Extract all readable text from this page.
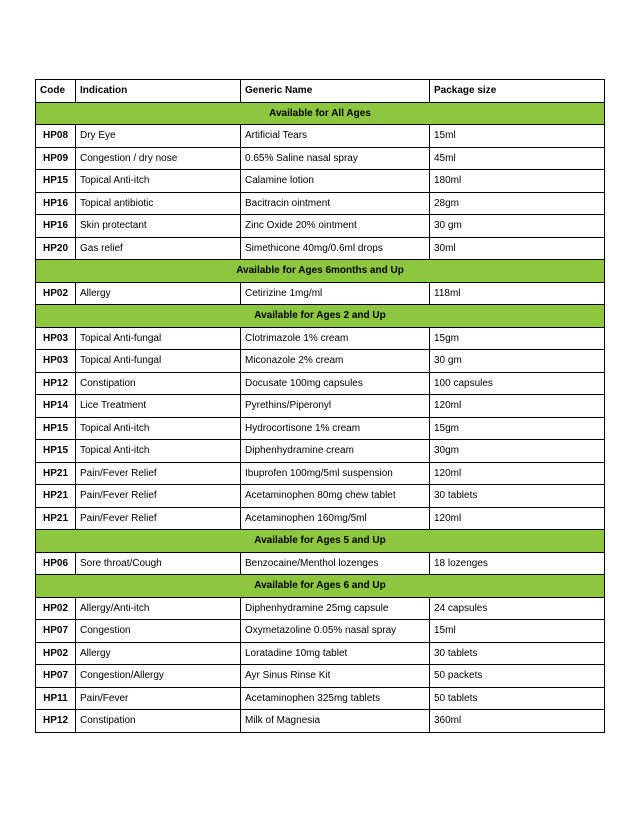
Code	Indication	Generic Name	Package size
Available for All Ages			
HP08	Dry Eye	Artificial Tears	15ml
HP09	Congestion / dry nose	0.65% Saline nasal spray	45ml
HP15	Topical Anti-itch	Calamine lotion	180ml
HP16	Topical antibiotic	Bacitracin ointment	28gm
HP16	Skin protectant	Zinc Oxide 20% ointment	30 gm
HP20	Gas relief	Simethicone 40mg/0.6ml drops	30ml
Available for Ages 6months and Up			
HP02	Allergy	Cetirizine 1mg/ml	118ml
Available for Ages 2 and Up			
HP03	Topical Anti-fungal	Clotrimazole 1% cream	15gm
HP03	Topical Anti-fungal	Miconazole 2% cream	30 gm
HP12	Constipation	Docusate 100mg capsules	100 capsules
HP14	Lice Treatment	Pyrethins/Piperonyl	120ml
HP15	Topical Anti-itch	Hydrocortisone 1% cream	15gm
HP15	Topical Anti-itch	Diphenhydramine cream	30gm
HP21	Pain/Fever Relief	Ibuprofen 100mg/5ml suspension	120ml
HP21	Pain/Fever Relief	Acetaminophen 80mg chew tablet	30 tablets
HP21	Pain/Fever Relief	Acetaminophen 160mg/5ml	120ml
Available for Ages 5 and Up			
HP06	Sore throat/Cough	Benzocaine/Menthol lozenges	18 lozenges
Available for Ages 6 and Up			
HP02	Allergy/Anti-itch	Diphenhydramine 25mg capsule	24 capsules
HP07	Congestion	Oxymetazoline 0.05% nasal spray	15ml
HP02	Allergy	Loratadine 10mg tablet	30 tablets
HP07	Congestion/Allergy	Ayr Sinus Rinse Kit	50 packets
HP11	Pain/Fever	Acetaminophen 325mg tablets	50 tablets
HP12	Constipation	Milk of Magnesia	360ml
